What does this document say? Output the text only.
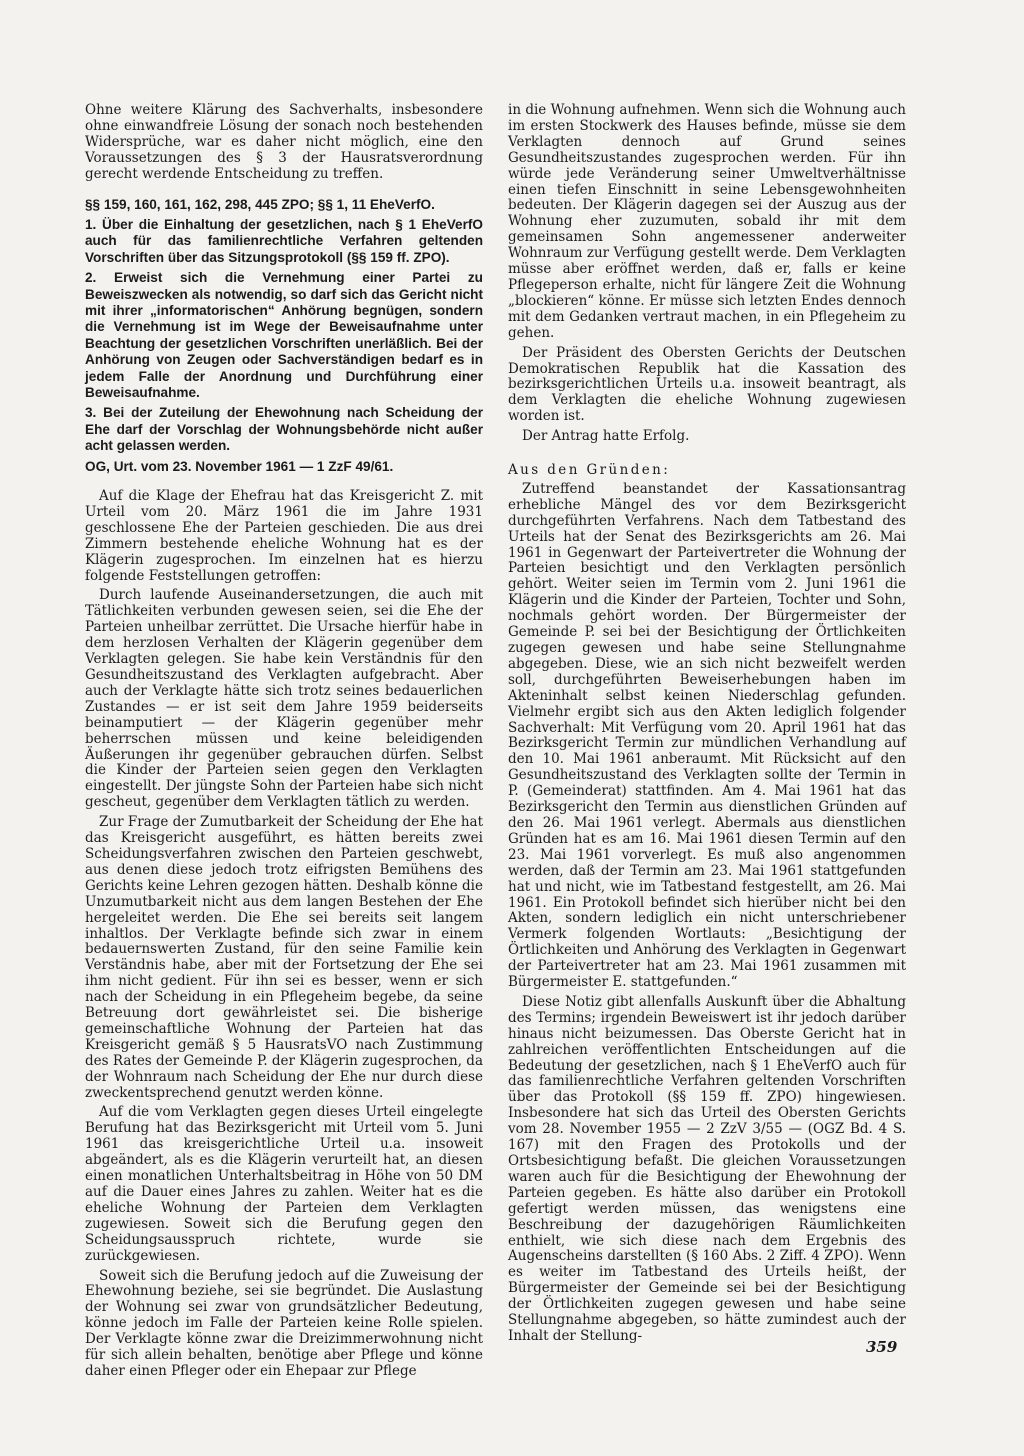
Ohne weitere Klärung des Sachverhalts, insbesondere ohne einwandfreie Lösung der sonach noch bestehenden Widersprüche, war es daher nicht möglich, eine den Voraussetzungen des § 3 der Hausratsverordnung gerecht werdende Entscheidung zu treffen.

§§ 159, 160, 161, 162, 298, 445 ZPO; §§ 1, 11 EheVerfO.

1. Über die Einhaltung der gesetzlichen, nach § 1 EheVerfO auch für das familienrechtliche Verfahren geltenden Vorschriften über das Sitzungsprotokoll (§§ 159 ff. ZPO).

2. Erweist sich die Vernehmung einer Partei zu Beweiszwecken als notwendig, so darf sich das Gericht nicht mit ihrer „informatorischen“ Anhörung begnügen, sondern die Vernehmung ist im Wege der Beweisaufnahme unter Beachtung der gesetzlichen Vorschriften unerläßlich. Bei der Anhörung von Zeugen oder Sachverständigen bedarf es in jedem Falle der Anordnung und Durchführung einer Beweisaufnahme.

3. Bei der Zuteilung der Ehewohnung nach Scheidung der Ehe darf der Vorschlag der Wohnungsbehörde nicht außer acht gelassen werden.

OG, Urt. vom 23. November 1961 — 1 ZzF 49/61.

Auf die Klage der Ehefrau hat das Kreisgericht Z. mit Urteil vom 20. März 1961 die im Jahre 1931 geschlossene Ehe der Parteien geschieden. Die aus drei Zimmern bestehende eheliche Wohnung hat es der Klägerin zugesprochen. Im einzelnen hat es hierzu folgende Feststellungen getroffen:

Durch laufende Auseinandersetzungen, die auch mit Tätlichkeiten verbunden gewesen seien, sei die Ehe der Parteien unheilbar zerrüttet. Die Ursache hierfür habe in dem herzlosen Verhalten der Klägerin gegenüber dem Verklagten gelegen. Sie habe kein Verständnis für den Gesundheitszustand des Verklagten aufgebracht. Aber auch der Verklagte hätte sich trotz seines bedauerlichen Zustandes — er ist seit dem Jahre 1959 beiderseits beinamputiert — der Klägerin gegenüber mehr beherrschen müssen und keine beleidigenden Äußerungen ihr gegenüber gebrauchen dürfen. Selbst die Kinder der Parteien seien gegen den Verklagten eingestellt. Der jüngste Sohn der Parteien habe sich nicht gescheut, gegenüber dem Verklagten tätlich zu werden.

Zur Frage der Zumutbarkeit der Scheidung der Ehe hat das Kreisgericht ausgeführt, es hätten bereits zwei Scheidungsverfahren zwischen den Parteien geschwebt, aus denen diese jedoch trotz eifrigsten Bemühens des Gerichts keine Lehren gezogen hätten. Deshalb könne die Unzumutbarkeit nicht aus dem langen Bestehen der Ehe hergeleitet werden. Die Ehe sei bereits seit langem inhaltlos. Der Verklagte befinde sich zwar in einem bedauernswerten Zustand, für den seine Familie kein Verständnis habe, aber mit der Fortsetzung der Ehe sei ihm nicht gedient. Für ihn sei es besser, wenn er sich nach der Scheidung in ein Pflegeheim begebe, da seine Betreuung dort gewährleistet sei. Die bisherige gemeinschaftliche Wohnung der Parteien hat das Kreisgericht gemäß § 5 HausratsVO nach Zustimmung des Rates der Gemeinde P. der Klägerin zugesprochen, da der Wohnraum nach Scheidung der Ehe nur durch diese zweckentsprechend genutzt werden könne.

Auf die vom Verklagten gegen dieses Urteil eingelegte Berufung hat das Bezirksgericht mit Urteil vom 5. Juni 1961 das kreisgerichtliche Urteil u.a. insoweit abgeändert, als es die Klägerin verurteilt hat, an diesen einen monatlichen Unterhaltsbeitrag in Höhe von 50 DM auf die Dauer eines Jahres zu zahlen. Weiter hat es die eheliche Wohnung der Parteien dem Verklagten zugewiesen. Soweit sich die Berufung gegen den Scheidungsausspruch richtete, wurde sie zurückgewiesen.

Soweit sich die Berufung jedoch auf die Zuweisung der Ehewohnung beziehe, sei sie begründet. Die Auslastung der Wohnung sei zwar von grundsätzlicher Bedeutung, könne jedoch im Falle der Parteien keine Rolle spielen. Der Verklagte könne zwar die Dreizimmerwohnung nicht für sich allein behalten, benötige aber Pflege und könne daher einen Pfleger oder ein Ehepaar zur Pflege

in die Wohnung aufnehmen. Wenn sich die Wohnung auch im ersten Stockwerk des Hauses befinde, müsse sie dem Verklagten dennoch auf Grund seines Gesundheitszustandes zugesprochen werden. Für ihn würde jede Veränderung seiner Umweltverhältnisse einen tiefen Einschnitt in seine Lebensgewohnheiten bedeuten. Der Klägerin dagegen sei der Auszug aus der Wohnung eher zuzumuten, sobald ihr mit dem gemeinsamen Sohn angemessener anderweiter Wohnraum zur Verfügung gestellt werde. Dem Verklagten müsse aber eröffnet werden, daß er, falls er keine Pflegeperson erhalte, nicht für längere Zeit die Wohnung „blockieren“ könne. Er müsse sich letzten Endes dennoch mit dem Gedanken vertraut machen, in ein Pflegeheim zu gehen.

Der Präsident des Obersten Gerichts der Deutschen Demokratischen Republik hat die Kassation des bezirksgerichtlichen Urteils u.a. insoweit beantragt, als dem Verklagten die eheliche Wohnung zugewiesen worden ist.

Der Antrag hatte Erfolg.

Aus den Gründen:

Zutreffend beanstandet der Kassationsantrag erhebliche Mängel des vor dem Bezirksgericht durchgeführten Verfahrens. Nach dem Tatbestand des Urteils hat der Senat des Bezirksgerichts am 26. Mai 1961 in Gegenwart der Parteivertreter die Wohnung der Parteien besichtigt und den Verklagten persönlich gehört. Weiter seien im Termin vom 2. Juni 1961 die Klägerin und die Kinder der Parteien, Tochter und Sohn, nochmals gehört worden. Der Bürgermeister der Gemeinde P. sei bei der Besichtigung der Örtlichkeiten zugegen gewesen und habe seine Stellungnahme abgegeben. Diese, wie an sich nicht bezweifelt werden soll, durchgeführten Beweiserhebungen haben im Akteninhalt selbst keinen Niederschlag gefunden. Vielmehr ergibt sich aus den Akten lediglich folgender Sachverhalt: Mit Verfügung vom 20. April 1961 hat das Bezirksgericht Termin zur mündlichen Verhandlung auf den 10. Mai 1961 anberaumt. Mit Rücksicht auf den Gesundheitszustand des Verklagten sollte der Termin in P. (Gemeinderat) stattfinden. Am 4. Mai 1961 hat das Bezirksgericht den Termin aus dienstlichen Gründen auf den 26. Mai 1961 verlegt. Abermals aus dienstlichen Gründen hat es am 16. Mai 1961 diesen Termin auf den 23. Mai 1961 vorverlegt. Es muß also angenommen werden, daß der Termin am 23. Mai 1961 stattgefunden hat und nicht, wie im Tatbestand festgestellt, am 26. Mai 1961. Ein Protokoll befindet sich hierüber nicht bei den Akten, sondern lediglich ein nicht unterschriebener Vermerk folgenden Wortlauts: „Besichtigung der Örtlichkeiten und Anhörung des Verklagten in Gegenwart der Parteivertreter hat am 23. Mai 1961 zusammen mit Bürgermeister E. stattgefunden.“

Diese Notiz gibt allenfalls Auskunft über die Abhaltung des Termins; irgendein Beweiswert ist ihr jedoch darüber hinaus nicht beizumessen. Das Oberste Gericht hat in zahlreichen veröffentlichten Entscheidungen auf die Bedeutung der gesetzlichen, nach § 1 EheVerfO auch für das familienrechtliche Verfahren geltenden Vorschriften über das Protokoll (§§ 159 ff. ZPO) hingewiesen. Insbesondere hat sich das Urteil des Obersten Gerichts vom 28. November 1955 — 2 ZzV 3/55 — (OGZ Bd. 4 S. 167) mit den Fragen des Protokolls und der Ortsbesichtigung befaßt. Die gleichen Voraussetzungen waren auch für die Besichtigung der Ehewohnung der Parteien gegeben. Es hätte also darüber ein Protokoll gefertigt werden müssen, das wenigstens eine Beschreibung der dazugehörigen Räumlichkeiten enthielt, wie sich diese nach dem Ergebnis des Augenscheins darstellten (§ 160 Abs. 2 Ziff. 4 ZPO). Wenn es weiter im Tatbestand des Urteils heißt, der Bürgermeister der Gemeinde sei bei der Besichtigung der Örtlichkeiten zugegen gewesen und habe seine Stellungnahme abgegeben, so hätte zumindest auch der Inhalt der Stellung-

359
